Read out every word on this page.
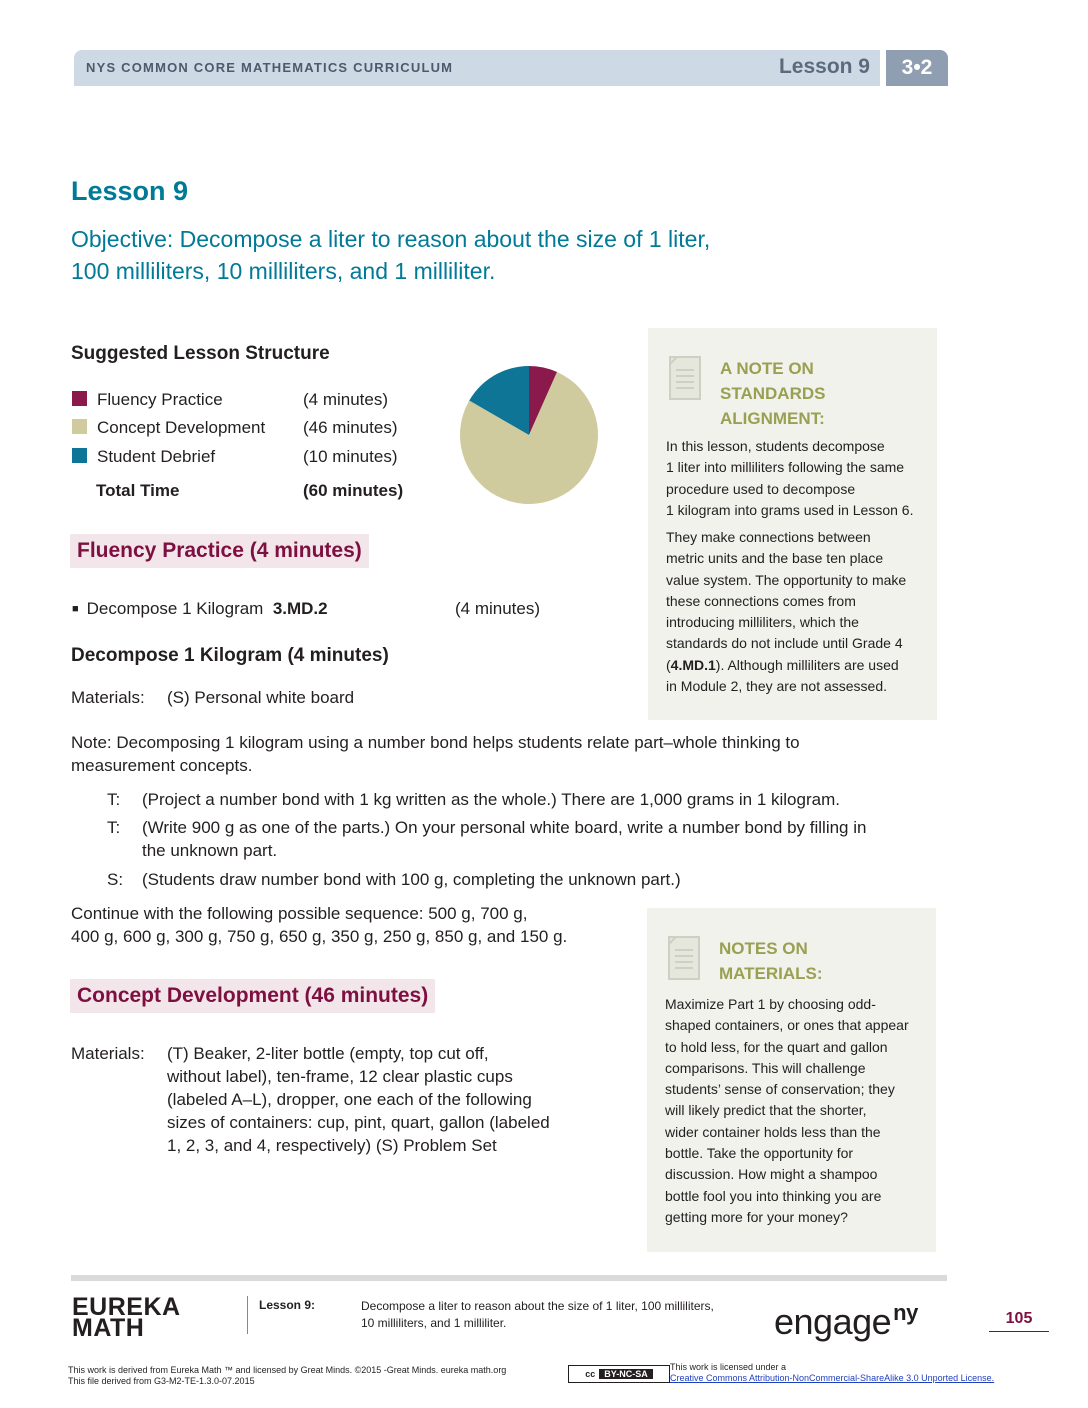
NYS COMMON CORE MATHEMATICS CURRICULUM	Lesson 9	3•2
Lesson 9
Objective: Decompose a liter to reason about the size of 1 liter,
100 milliliters, 10 milliliters, and 1 milliliter.
Suggested Lesson Structure
Fluency Practice	(4 minutes)
Concept Development (46 minutes)
Student Debrief	(10 minutes)
Total Time	(60 minutes)
Fluency Practice (4 minutes)
■ Decompose 1 Kilogram 3.MD.2	(4 minutes)
Decompose 1 Kilogram (4 minutes)
Materials: (S) Personal white board
Note: Decomposing 1 kilogram using a number bond helps students relate part–whole thinking to
measurement concepts.
T: (Project a number bond with 1 kg written as the whole.) There are 1,000 grams in 1 kilogram.
T: (Write 900 g as one of the parts.) On your personal white board, write a number bond by filling in
the unknown part.
S: (Students draw number bond with 100 g, completing the unknown part.)
Continue with the following possible sequence: 500 g, 700 g,
400 g, 600 g, 300 g, 750 g, 650 g, 350 g, 250 g, 850 g, and 150 g.
Concept Development (46 minutes)
Materials: (T) Beaker, 2-liter bottle (empty, top cut off,
without label), ten-frame, 12 clear plastic cups
(labeled A–L), dropper, one each of the following
sizes of containers: cup, pint, quart, gallon (labeled
1, 2, 3, and 4, respectively) (S) Problem Set
A NOTE ON
STANDARDS
ALIGNMENT:
In this lesson, students decompose
1 liter into milliliters following the same
procedure used to decompose
1 kilogram into grams used in Lesson 6.
They make connections between
metric units and the base ten place
value system. The opportunity to make
these connections comes from
introducing milliliters, which the
standards do not include until Grade 4
(4.MD.1). Although milliliters are used
in Module 2, they are not assessed.
NOTES ON
MATERIALS:
Maximize Part 1 by choosing odd-
shaped containers, or ones that appear
to hold less, for the quart and gallon
comparisons. This will challenge
students’ sense of conservation; they
will likely predict that the shorter,
wider container holds less than the
bottle. Take the opportunity for
discussion. How might a shampoo
bottle fool you into thinking you are
getting more for your money?
EUREKA
MATH
Lesson 9:	Decompose a liter to reason about the size of 1 liter, 100 milliliters,
10 milliliters, and 1 milliliter.	engage$^{ny}$	105
This work is derived from Eureka Math ™ and licensed by Great Minds. ©2015 -Great Minds. eureka math.org
This file derived from G3-M2-TE-1.3.0-07.2015
cc BY-NC-SA
This work is licensed under a
Creative Commons Attribution-NonCommercial-ShareAlike 3.0 Unported License.
